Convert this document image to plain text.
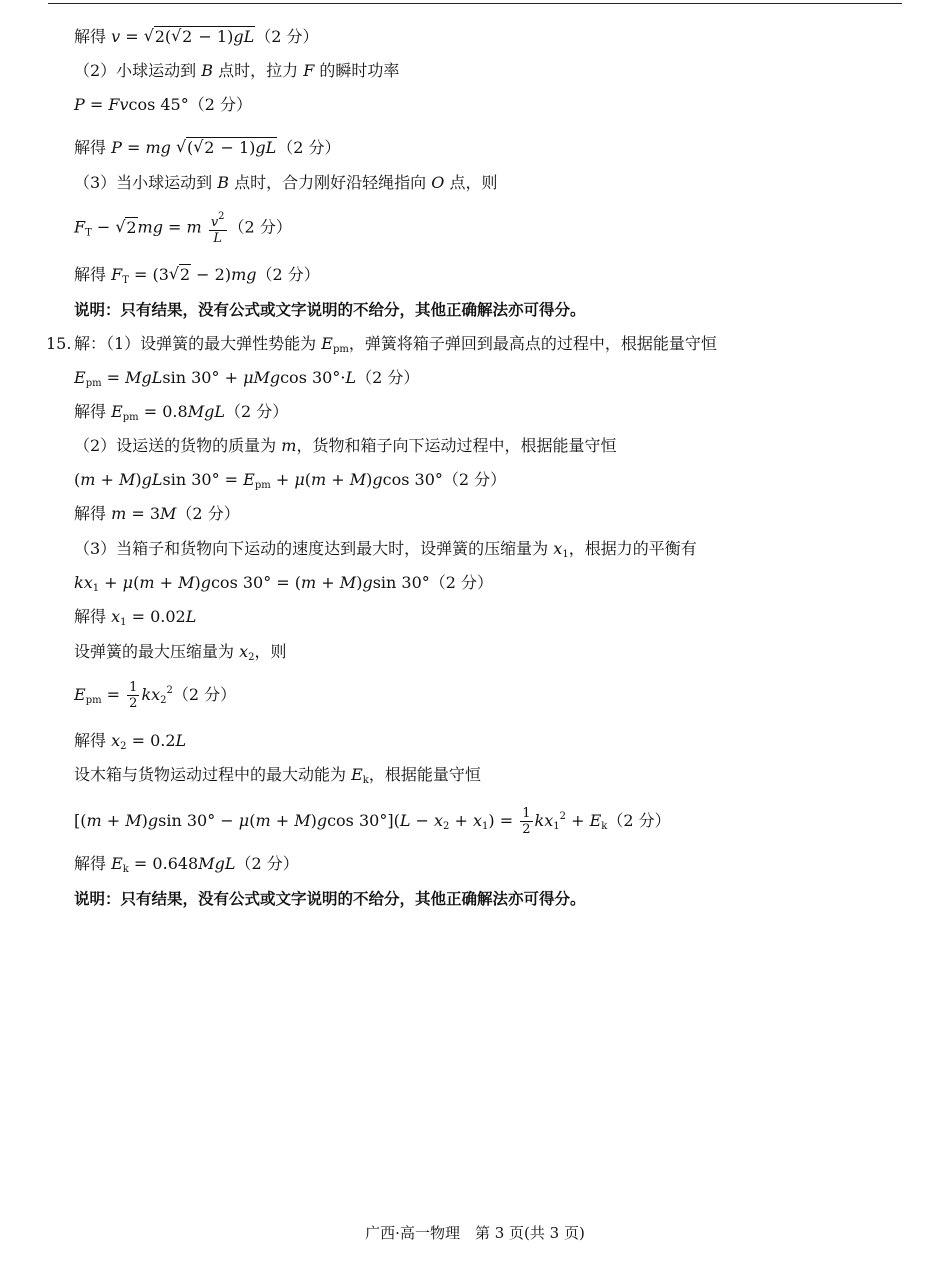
解得 v = √ 2(√ 2 − 1)gL（2 分）
（2）小球运动到 B 点时，拉力 F 的瞬时功率
P = Fvcos 45°（2 分）
解得 P = mg √ (√ 2 − 1)gL（2 分）
（3）当小球运动到 B 点时，合力刚好沿轻绳指向 O 点，则
$F_T$ − √ 2mg = m $\frac{v^2}{L} (2$ 分）
解得 $F_T = (3√$ 2 − 2)mg（2 分）
说明：只有结果，没有公式或文字说明的不给分，其他正确解法亦可得分。
15. 解：（1）设弹簧的最大弹性势能为 $E_{pm}$，弹簧将箱子弹回到最高点的过程中，根据能量守恒
$E_{pm} = MgLsin$ 30° + μMgcos 30°·L（2 分）
解得 $E_{pm} = 0.8MgL(2$ 分）
（2）设运送的货物的质量为 m，货物和箱子向下运动过程中，根据能量守恒
(m + M)gLsin $30^\circ = E_{pm} + \mu(m + M)gcos$ 30°（2 分）
解得 m = 3M（2 分）
（3）当箱子和货物向下运动的速度达到最大时，设弹簧的压缩量为 $x_1$，根据力的平衡有
$kx_1 + \mu(m + M)gcos$ 30° = (m + M)gsin 30°（2 分）
解得 $x_1 = 0.02L$
设弹簧的最大压缩量为 $x_2$，则
$E_{pm} = \frac{1}{2} kx_2^2(2$ 分）
解得 $x_2 = 0.2L$
设木箱与货物运动过程中的最大动能为 $E_k$，根据能量守恒
[(m + M)gsin 30° − μ(m + M)gcos $30^\circ](L - x_2 + x_1) = \frac{1}{2} kx_1^2 + E_k(2$ 分）
解得 $E_k = 0.648MgL(2$ 分）
说明：只有结果，没有公式或文字说明的不给分，其他正确解法亦可得分。
广西·高一物理　第 3 页(共 3 页)
